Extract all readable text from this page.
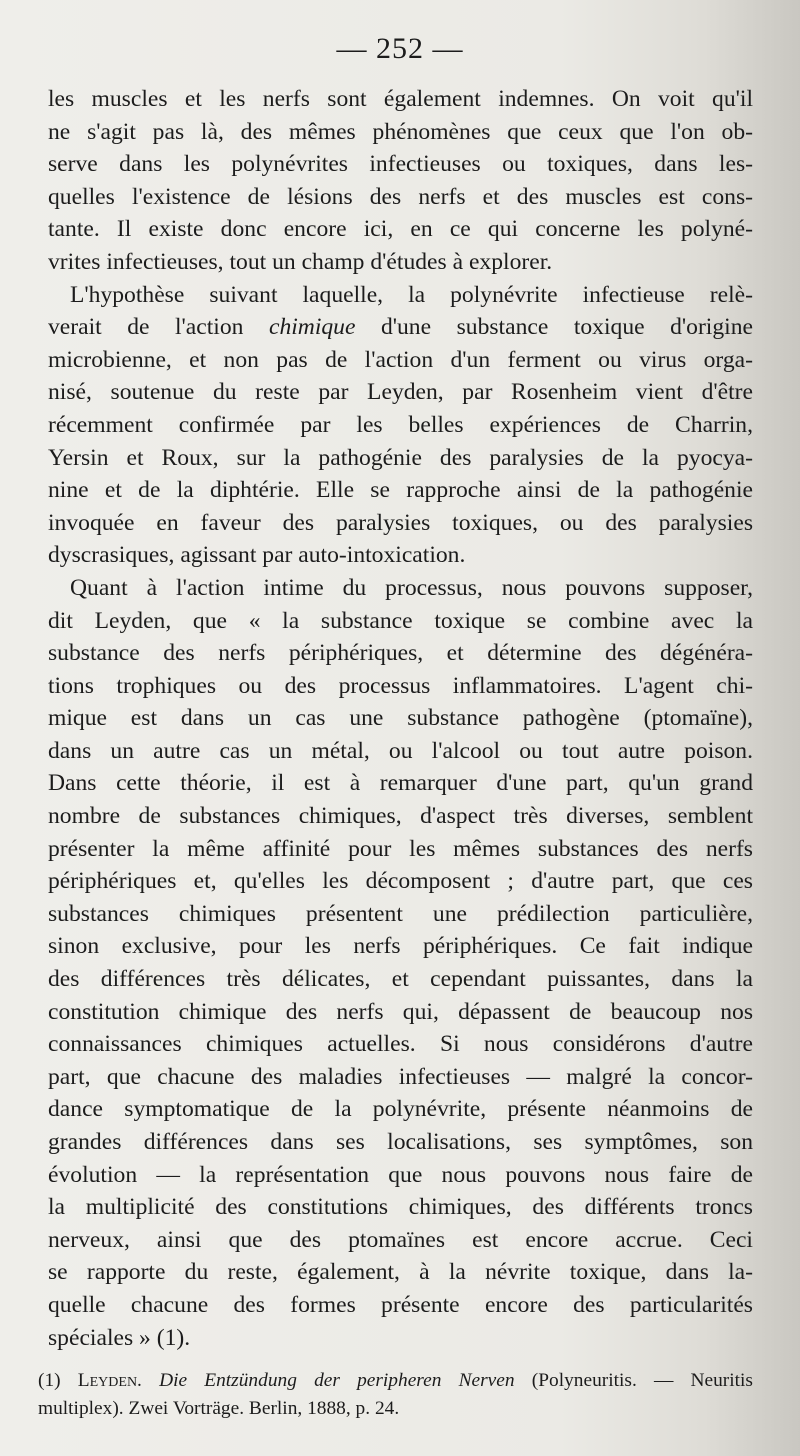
— 252 —
les muscles et les nerfs sont également indemnes. On voit qu'il
ne s'agit pas là, des mêmes phénomènes que ceux que l'on ob-
serve dans les polynévrites infectieuses ou toxiques, dans les-
quelles l'existence de lésions des nerfs et des muscles est cons-
tante. Il existe donc encore ici, en ce qui concerne les polyné-
vrites infectieuses, tout un champ d'études à explorer.
L'hypothèse suivant laquelle, la polynévrite infectieuse relè-
verait de l'action chimique d'une substance toxique d'origine
microbienne, et non pas de l'action d'un ferment ou virus orga-
nisé, soutenue du reste par Leyden, par Rosenheim vient d'être
récemment confirmée par les belles expériences de Charrin,
Yersin et Roux, sur la pathogénie des paralysies de la pyocya-
nine et de la diphtérie. Elle se rapproche ainsi de la pathogénie
invoquée en faveur des paralysies toxiques, ou des paralysies
dyscrasiques, agissant par auto-intoxication.
Quant à l'action intime du processus, nous pouvons supposer,
dit Leyden, que « la substance toxique se combine avec la
substance des nerfs périphériques, et détermine des dégénéra-
tions trophiques ou des processus inflammatoires. L'agent chi-
mique est dans un cas une substance pathogène (ptomaïne),
dans un autre cas un métal, ou l'alcool ou tout autre poison.
Dans cette théorie, il est à remarquer d'une part, qu'un grand
nombre de substances chimiques, d'aspect très diverses, semblent
présenter la même affinité pour les mêmes substances des nerfs
périphériques et, qu'elles les décomposent ; d'autre part, que ces
substances chimiques présentent une prédilection particulière,
sinon exclusive, pour les nerfs périphériques. Ce fait indique
des différences très délicates, et cependant puissantes, dans la
constitution chimique des nerfs qui, dépassent de beaucoup nos
connaissances chimiques actuelles. Si nous considérons d'autre
part, que chacune des maladies infectieuses — malgré la concor-
dance symptomatique de la polynévrite, présente néanmoins de
grandes différences dans ses localisations, ses symptômes, son
évolution — la représentation que nous pouvons nous faire de
la multiplicité des constitutions chimiques, des différents troncs
nerveux, ainsi que des ptomaïnes est encore accrue. Ceci
se rapporte du reste, également, à la névrite toxique, dans la-
quelle chacune des formes présente encore des particularités
spéciales » (1).
(1) Leyden. Die Entzündung der peripheren Nerven (Polyneuritis. — Neuritis
multiplex). Zwei Vorträge. Berlin, 1888, p. 24.
